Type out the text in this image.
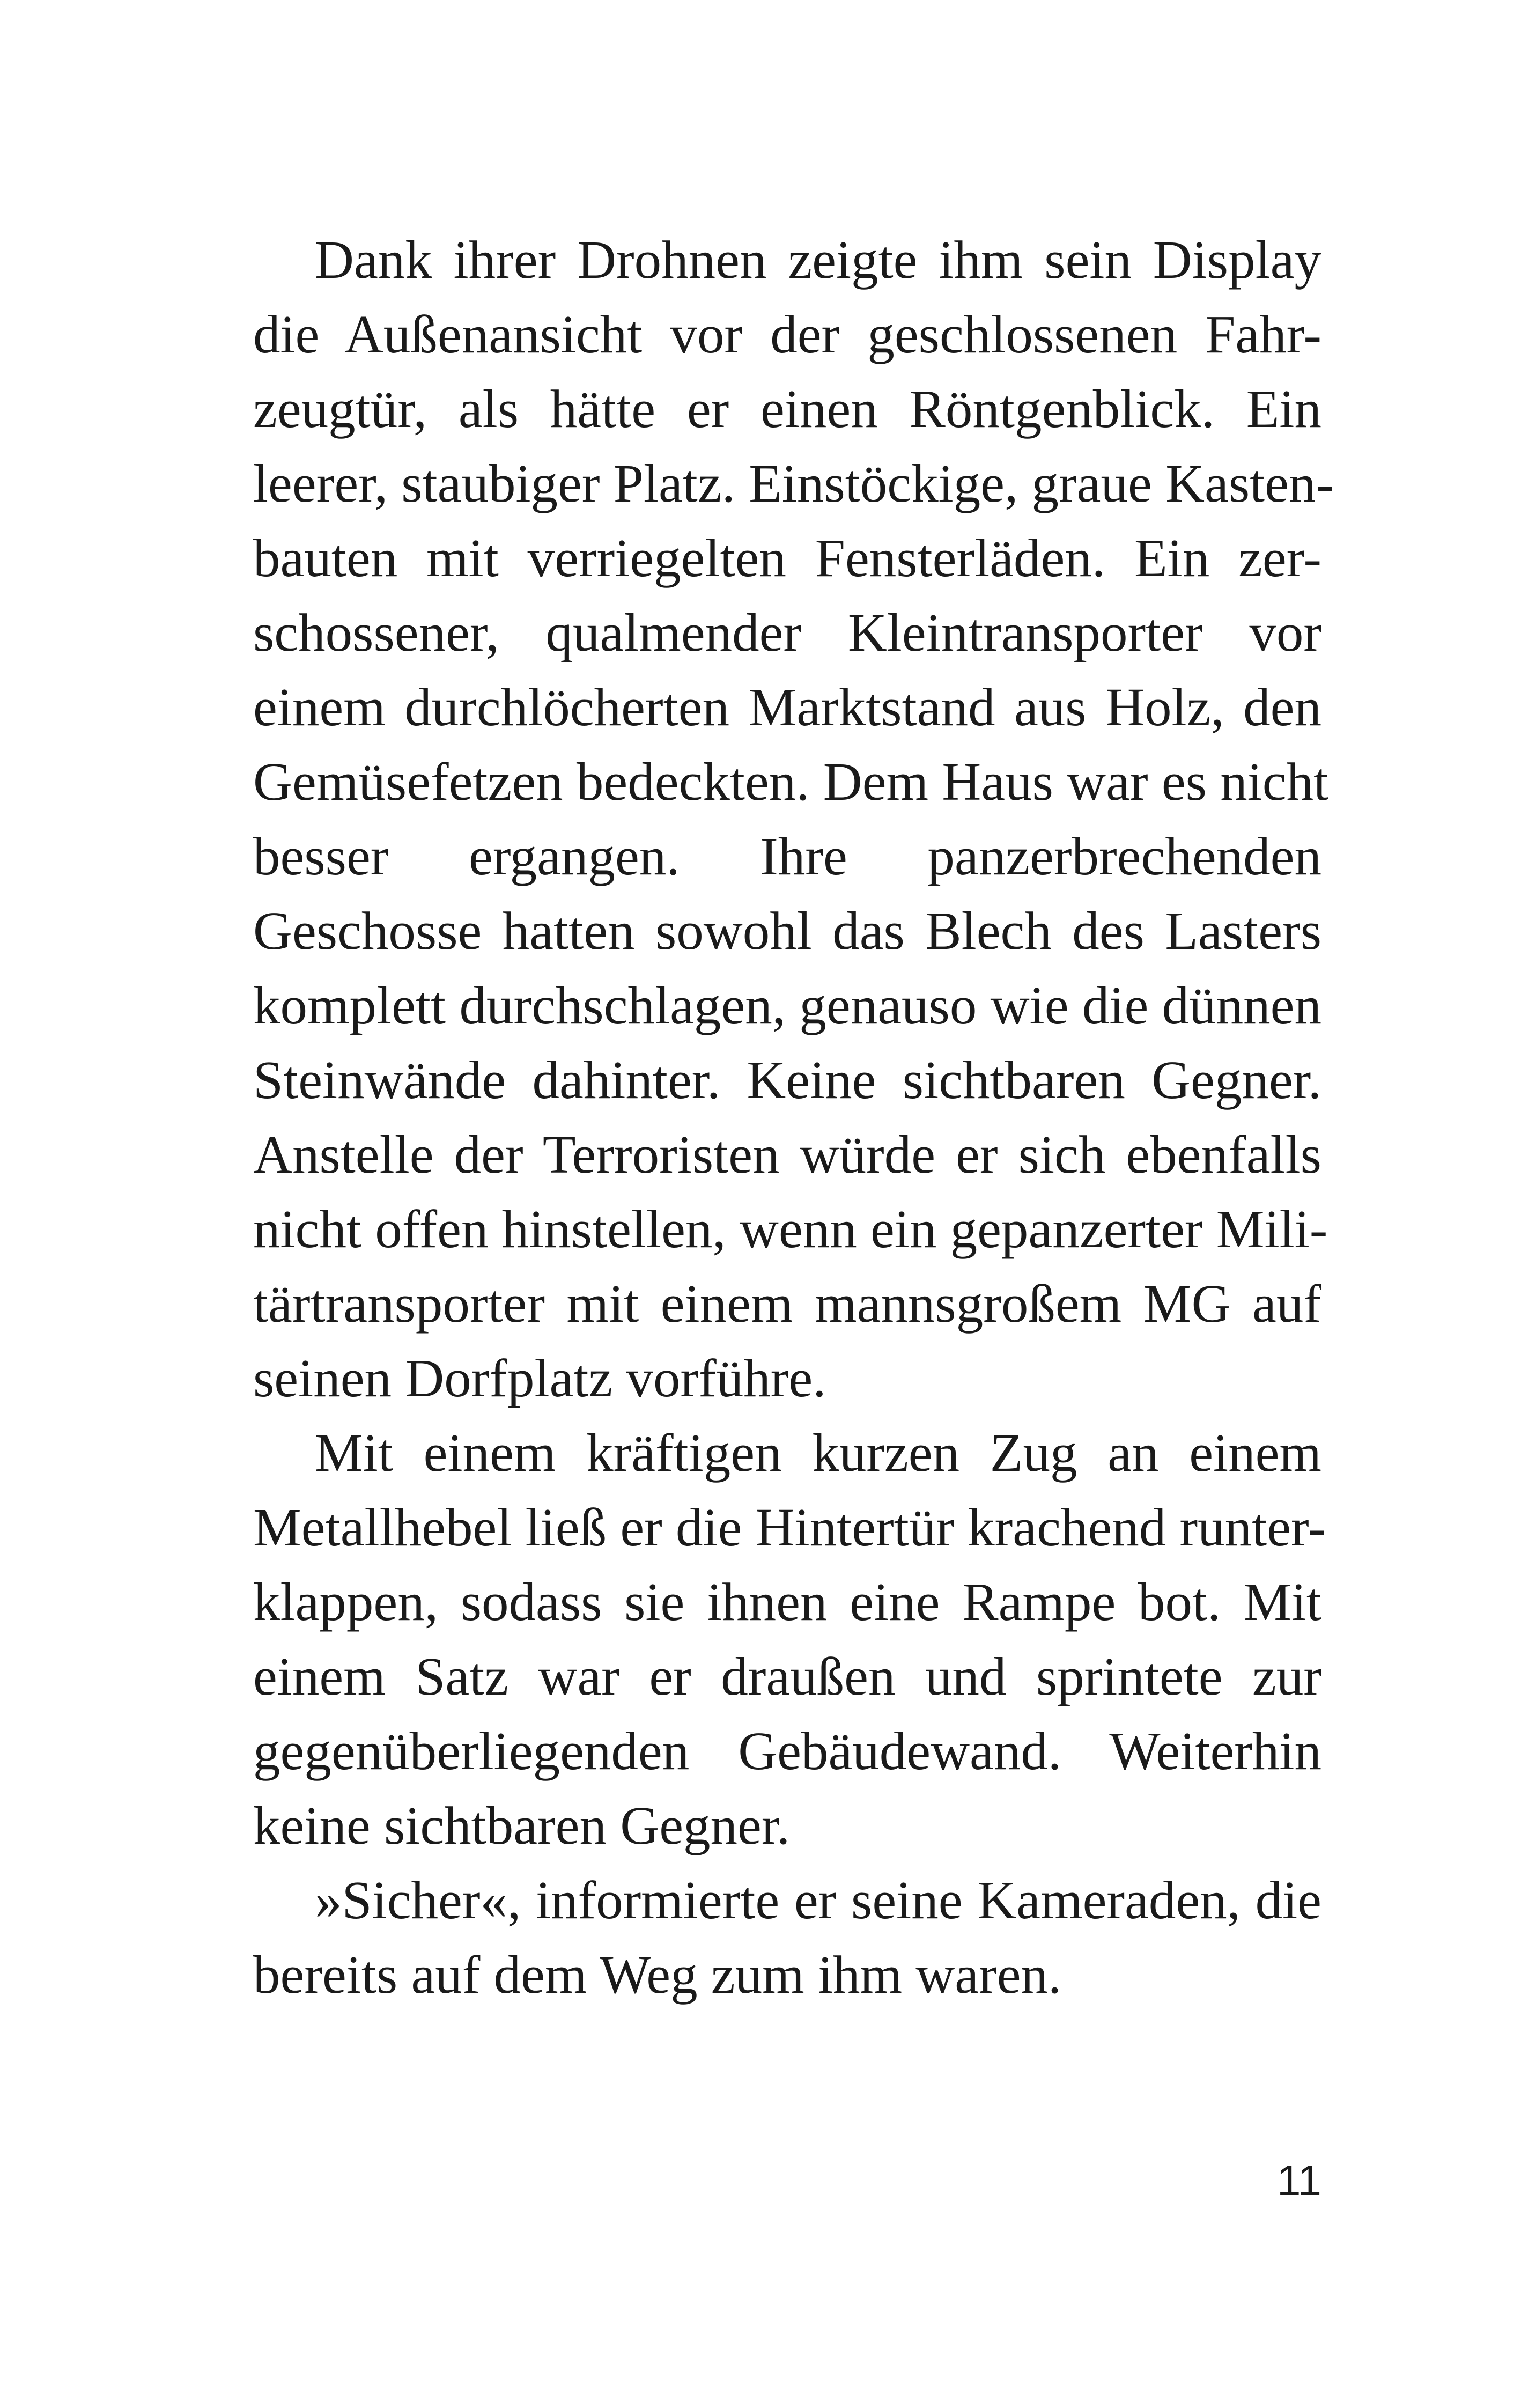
Dank ihrer Drohnen zeigte ihm sein Display
die Außenansicht vor der geschlossenen Fahr-
zeugtür, als hätte er einen Röntgenblick. Ein
leerer, staubiger Platz. Einstöckige, graue Kasten-
bauten mit verriegelten Fensterläden. Ein zer-
schossener, qualmender Kleintransporter vor
einem durchlöcherten Marktstand aus Holz, den
Gemüsefetzen bedeckten. Dem Haus war es nicht
besser ergangen. Ihre panzerbrechenden
Geschosse hatten sowohl das Blech des Lasters
komplett durchschlagen, genauso wie die dünnen
Steinwände dahinter. Keine sichtbaren Gegner.
Anstelle der Terroristen würde er sich ebenfalls
nicht offen hinstellen, wenn ein gepanzerter Mili-
tärtransporter mit einem mannsgroßem MG auf
seinen Dorfplatz vorführe.
Mit einem kräftigen kurzen Zug an einem
Metallhebel ließ er die Hintertür krachend runter-
klappen, sodass sie ihnen eine Rampe bot. Mit
einem Satz war er draußen und sprintete zur
gegenüberliegenden Gebäudewand. Weiterhin
keine sichtbaren Gegner.
»Sicher«, informierte er seine Kameraden, die
bereits auf dem Weg zum ihm waren.
11
